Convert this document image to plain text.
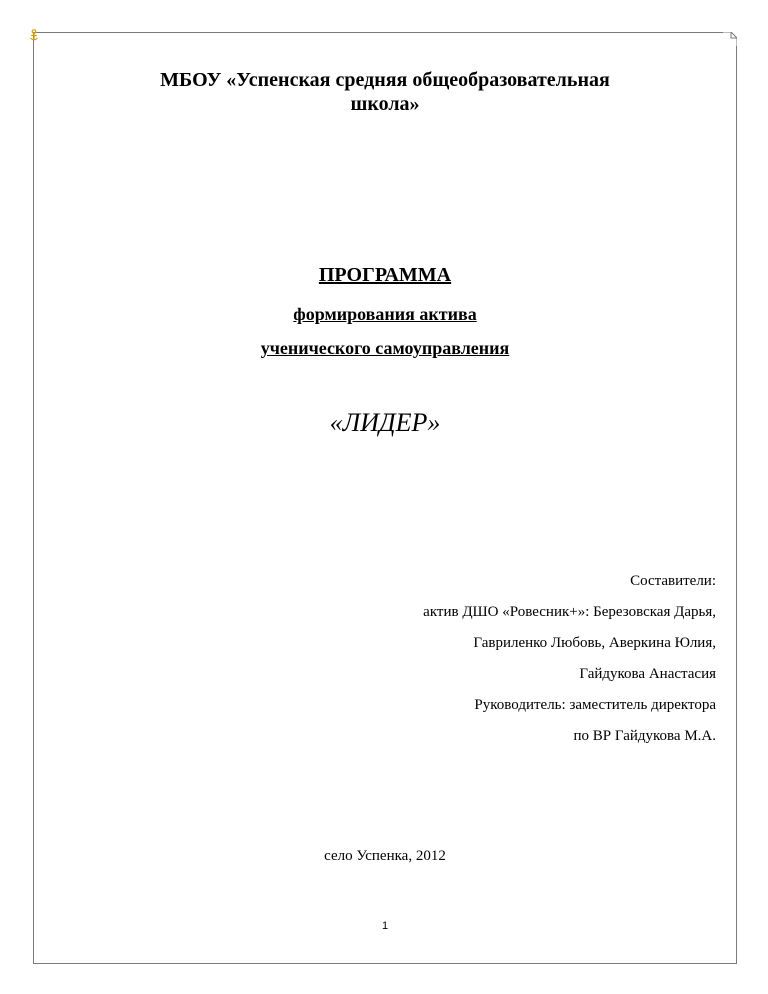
МБОУ «Успенская средняя общеобразовательная
школа»
ПРОГРАММА
формирования актива
ученического самоуправления
«ЛИДЕР»
Составители:
актив ДШО «Ровесник+»: Березовская Дарья,
Гавриленко Любовь, Аверкина Юлия,
Гайдукова Анастасия
Руководитель: заместитель директора
по ВР Гайдукова М.А.
село Успенка, 2012
1
